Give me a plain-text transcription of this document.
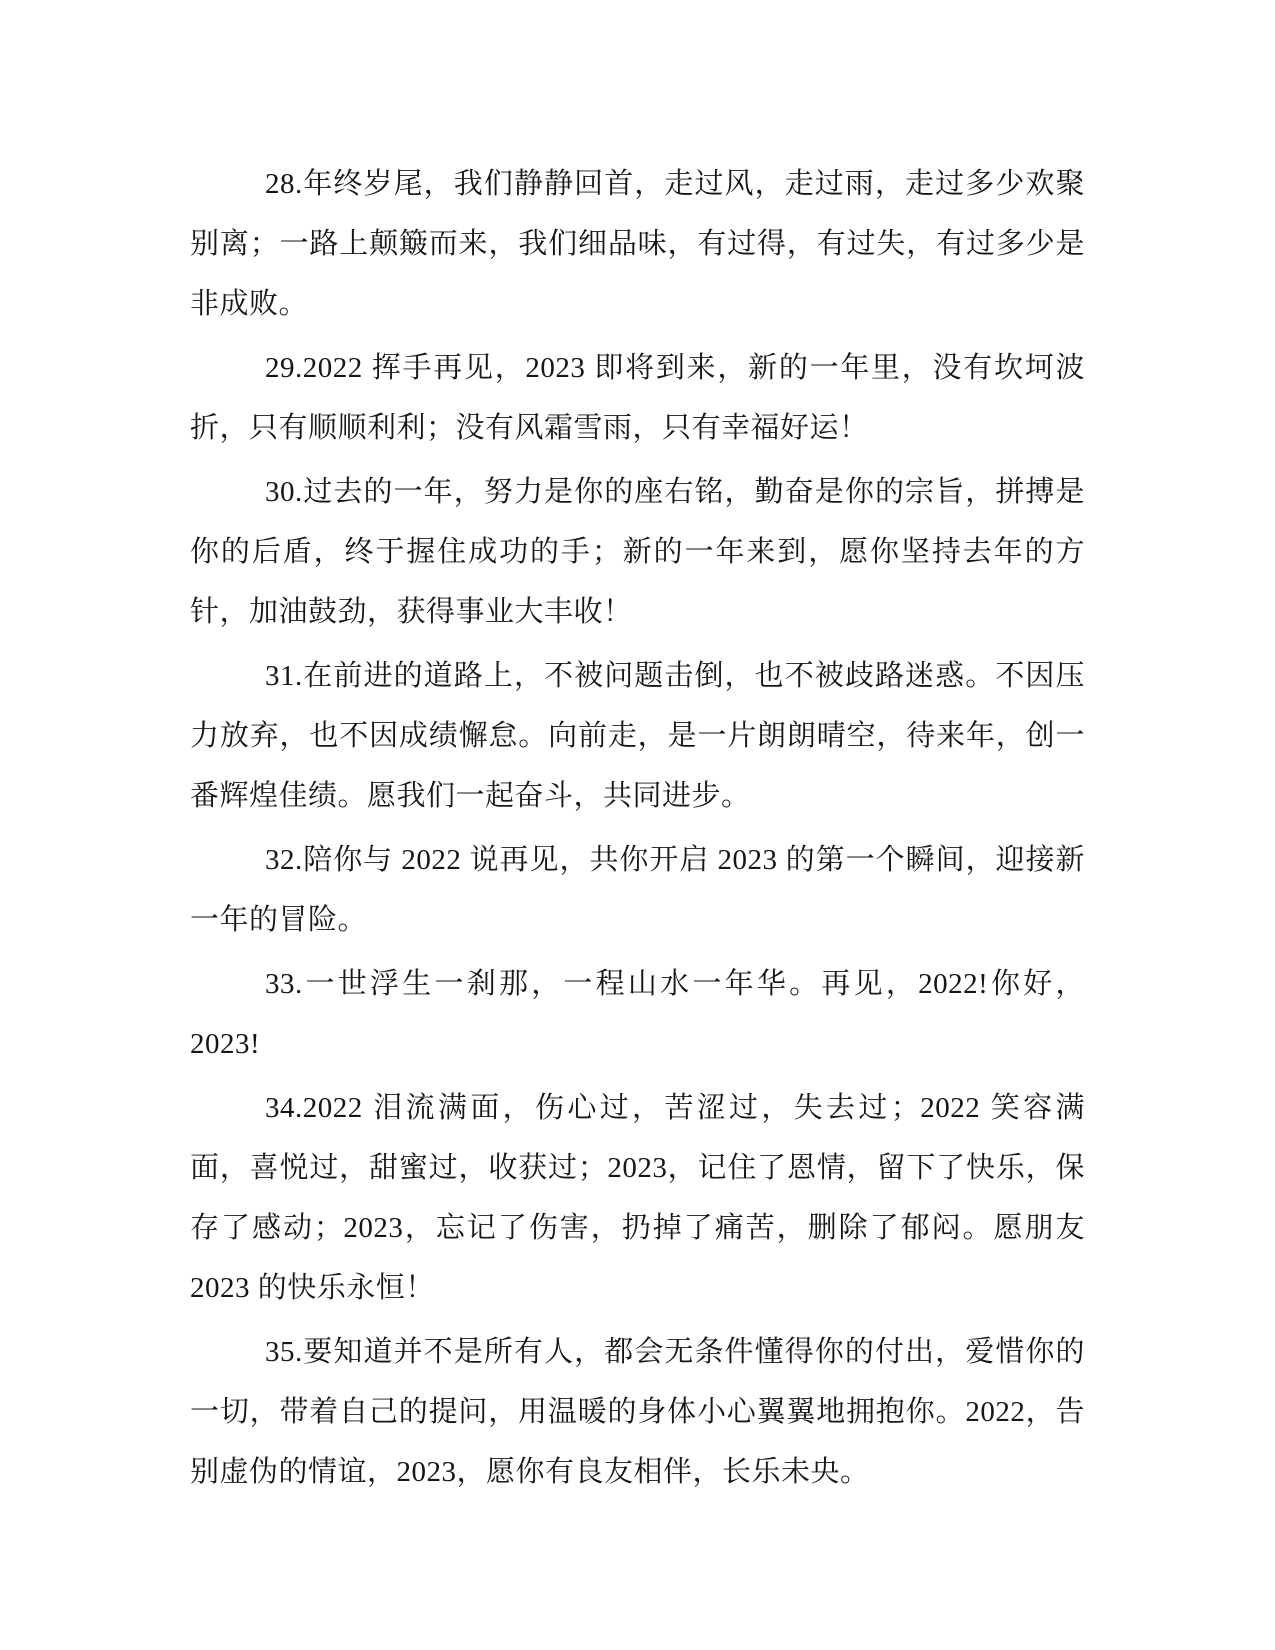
28.年终岁尾，我们静静回首，走过风，走过雨，走过多少欢聚别离；一路上颠簸而来，我们细品味，有过得，有过失，有过多少是非成败。

29.2022 挥手再见，2023 即将到来，新的一年里，没有坎坷波折，只有顺顺利利；没有风霜雪雨，只有幸福好运！

30.过去的一年，努力是你的座右铭，勤奋是你的宗旨，拼搏是你的后盾，终于握住成功的手；新的一年来到，愿你坚持去年的方针，加油鼓劲，获得事业大丰收！

31.在前进的道路上，不被问题击倒，也不被歧路迷惑。不因压力放弃，也不因成绩懈怠。向前走，是一片朗朗晴空，待来年，创一番辉煌佳绩。愿我们一起奋斗，共同进步。

32.陪你与 2022 说再见，共你开启 2023 的第一个瞬间，迎接新一年的冒险。

33.一世浮生一刹那，一程山水一年华。再见，2022!你好，2023!

34.2022 泪流满面，伤心过，苦涩过，失去过；2022 笑容满面，喜悦过，甜蜜过，收获过；2023，记住了恩情，留下了快乐，保存了感动；2023，忘记了伤害，扔掉了痛苦，删除了郁闷。愿朋友 2023 的快乐永恒！

35.要知道并不是所有人，都会无条件懂得你的付出，爱惜你的一切，带着自己的提问，用温暖的身体小心翼翼地拥抱你。2022，告别虚伪的情谊，2023，愿你有良友相伴，长乐未央。
